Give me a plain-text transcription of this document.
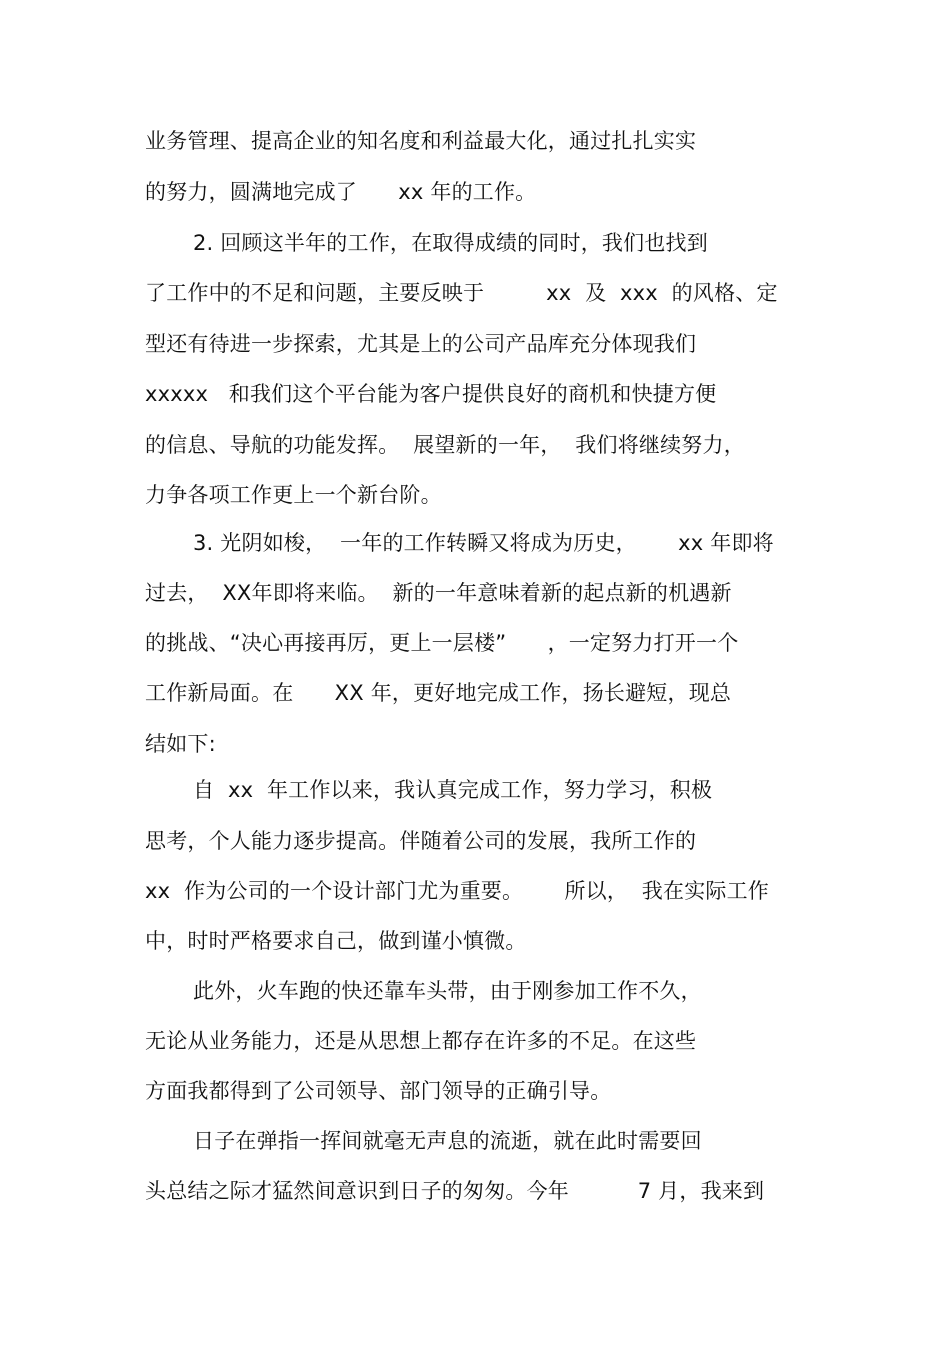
业务管理、提高企业的知名度和利益最大化，通过扎扎实实
的努力，圆满地完成了      xx 年的工作。
2. 回顾这半年的工作，在取得成绩的同时，我们也找到
了工作中的不足和问题，主要反映于         xx  及  xxx  的风格、定
型还有待进一步探索，尤其是上的公司产品库充分体现我们
xxxxx   和我们这个平台能为客户提供良好的商机和快捷方便
的信息、导航的功能发挥。  展望新的一年，  我们将继续努力，
力争各项工作更上一个新台阶。
3. 光阴如梭，  一年的工作转瞬又将成为历史，      xx 年即将
过去，  XX年即将来临。  新的一年意味着新的起点新的机遇新
的挑战、“决心再接再厉，更上一层楼”      ，一定努力打开一个
工作新局面。在      XX 年，更好地完成工作，扬长避短，现总
结如下:
自  xx  年工作以来，我认真完成工作，努力学习，积极
思考，个人能力逐步提高。伴随着公司的发展，我所工作的
xx  作为公司的一个设计部门尤为重要。      所以，  我在实际工作
中，时时严格要求自己，做到谨小慎微。
此外，火车跑的快还靠车头带，由于刚参加工作不久，
无论从业务能力，还是从思想上都存在许多的不足。在这些
方面我都得到了公司领导、部门领导的正确引导。
日子在弹指一挥间就毫无声息的流逝，就在此时需要回
头总结之际才猛然间意识到日子的匆匆。今年          7 月，我来到
